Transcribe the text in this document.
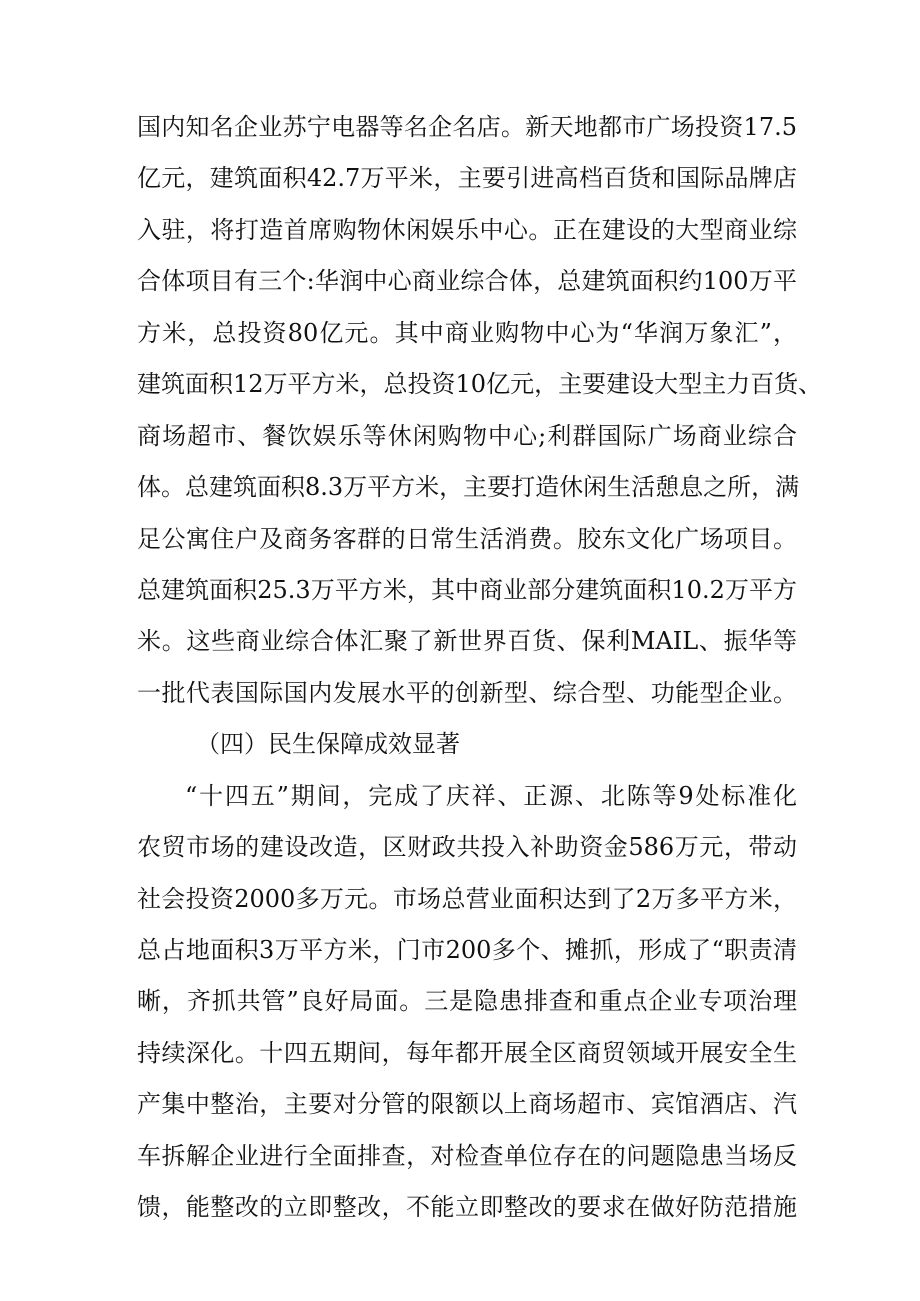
国内知名企业苏宁电器等名企名店。新天地都市广场投资17.5
亿元，建筑面积42.7万平米，主要引进高档百货和国际品牌店
入驻，将打造首席购物休闲娱乐中心。正在建设的大型商业综
合体项目有三个:华润中心商业综合体，总建筑面积约100万平
方米，总投资80亿元。其中商业购物中心为“华润万象汇”，
建筑面积12万平方米，总投资10亿元，主要建设大型主力百货、
商场超市、餐饮娱乐等休闲购物中心;利群国际广场商业综合
体。总建筑面积8.3万平方米，主要打造休闲生活憩息之所，满
足公寓住户及商务客群的日常生活消费。胶东文化广场项目。
总建筑面积25.3万平方米，其中商业部分建筑面积10.2万平方
米。这些商业综合体汇聚了新世界百货、保利MAIL、振华等
一批代表国际国内发展水平的创新型、综合型、功能型企业。
（四）民生保障成效显著
“十四五”期间，完成了庆祥、正源、北陈等9处标准化
农贸市场的建设改造，区财政共投入补助资金586万元，带动
社会投资2000多万元。市场总营业面积达到了2万多平方米，
总占地面积3万平方米，门市200多个、摊抓，形成了“职责清
晰，齐抓共管”良好局面。三是隐患排查和重点企业专项治理
持续深化。十四五期间，每年都开展全区商贸领域开展安全生
产集中整治，主要对分管的限额以上商场超市、宾馆酒店、汽
车拆解企业进行全面排查，对检查单位存在的问题隐患当场反
馈，能整改的立即整改，不能立即整改的要求在做好防范措施
